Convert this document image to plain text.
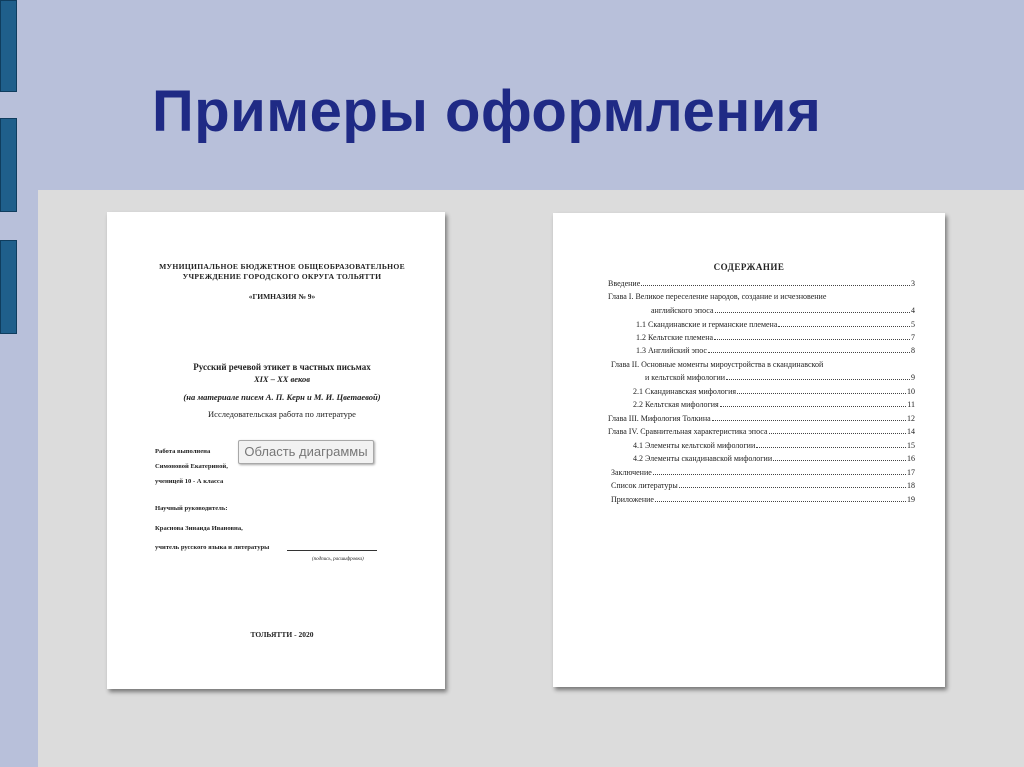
Примеры оформления
МУНИЦИПАЛЬНОЕ БЮДЖЕТНОЕ ОБЩЕОБРАЗОВАТЕЛЬНОЕ УЧРЕЖДЕНИЕ ГОРОДСКОГО ОКРУГА ТОЛЬЯТТИ
«ГИМНАЗИЯ № 9»
Русский речевой этикет в частных письмах
XIX – XX веков
(на материале писем А. П. Керн и М. И. Цветаевой)
Исследовательская работа по литературе
Работа выполнена
Симоновой Екатериной,
ученицей 10 - А класса
Научный руководитель:
Краснова Зинаида Ивановна,
учитель русского языка и литературы
(подпись, расшифровка)
ТОЛЬЯТТИ - 2020
Область диаграммы
СОДЕРЖАНИЕ
Введение	3
Глава I. Великое переселение народов, создание и исчезновение
английского эпоса	4
1.1 Скандинавские и германские племена	5
1.2 Кельтские племена	7
1.3 Английский эпос	8
Глава II. Основные моменты мироустройства в скандинавской
и кельтской мифологии	9
2.1 Скандинавская мифология	10
2.2 Кельтская мифология	11
Глава III. Мифология Толкина	12
Глава IV. Сравнительная характеристика эпоса	14
4.1 Элементы кельтской мифологии	15
4.2 Элементы скандинавской мифологии	16
Заключение	17
Список литературы	18
Приложение	19
